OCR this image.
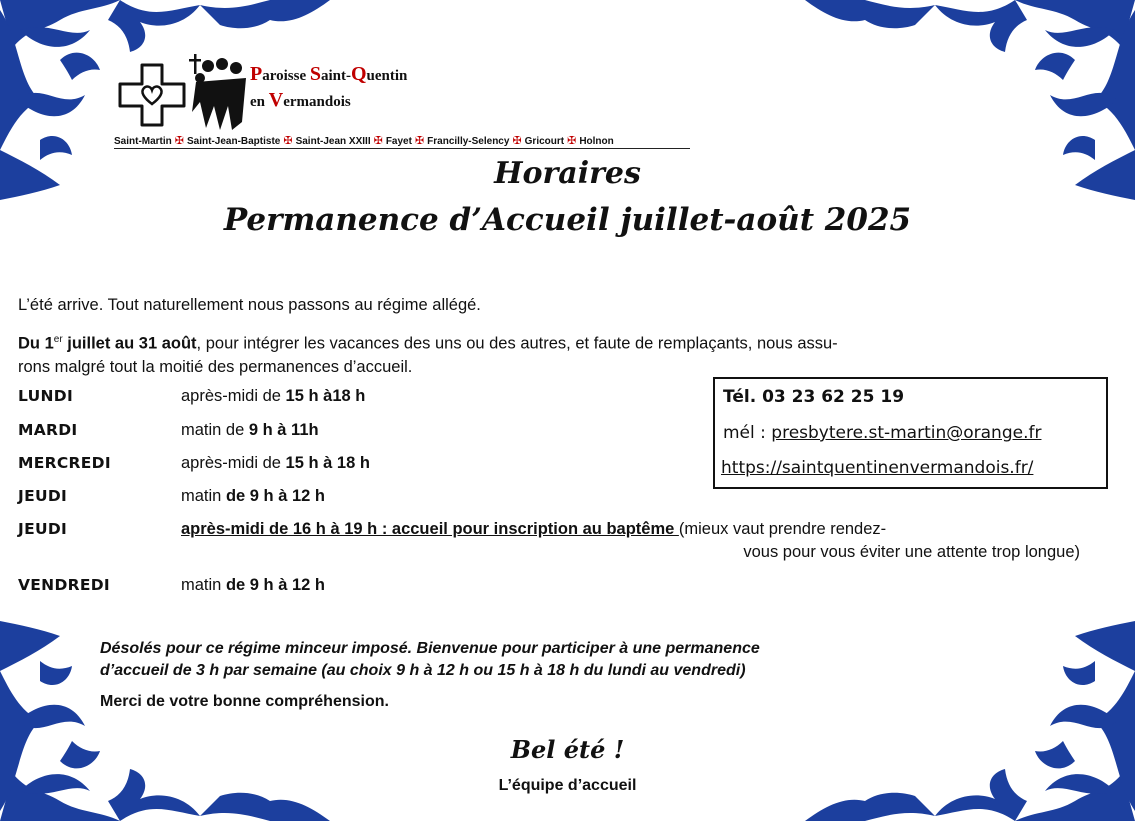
Paroisse Saint-Quentin
en Vermandois
Saint-Martin ✠ Saint-Jean-Baptiste ✠ Saint-Jean XXIII ✠ Fayet ✠ Francilly-Selency ✠ Gricourt ✠ Holnon
Horaires
Permanence d’Accueil juillet-août 2025
L’été arrive. Tout naturellement nous passons au régime allégé.
Du 1er juillet au 31 août, pour intégrer les vacances des uns ou des autres, et faute de remplaçants, nous assu-
rons malgré tout la moitié des permanences d’accueil.
LUNDI	après-midi de 15 h à18 h
MARDI	matin de 9 h à 11h
MERCREDI	après-midi de 15 h à 18 h
JEUDI	matin de 9 h à 12 h
JEUDI	après-midi de 16 h à 19 h : accueil pour inscription au baptême (mieux vaut prendre rendez-
vous pour vous éviter une attente trop longue)
VENDREDI	matin de 9 h à 12 h
Tél. 03 23 62 25 19
mél : presbytere.st-martin@orange.fr
https://saintquentinenvermandois.fr/
Désolés pour ce régime minceur imposé. Bienvenue pour participer à une permanence
d’accueil de 3 h par semaine (au choix 9 h à 12 h ou 15 h à 18 h du lundi au vendredi)
Merci de votre bonne compréhension.
Bel été !
L’équipe d’accueil
